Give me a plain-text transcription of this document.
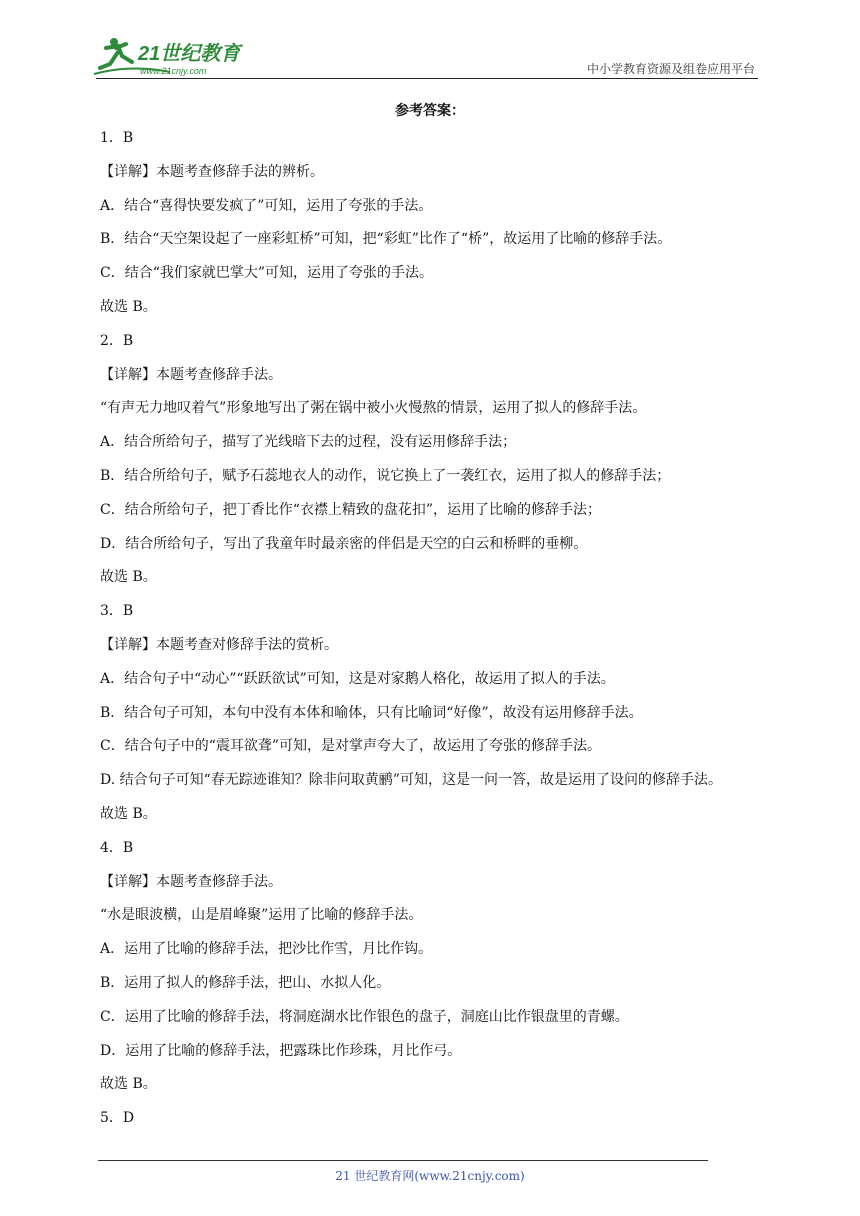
21世纪教育
www.21cnjy.com	中小学教育资源及组卷应用平台
参考答案：
1．B
【详解】本题考查修辞手法的辨析。
A．结合“喜得快要发疯了”可知，运用了夸张的手法。
B．结合“天空架设起了一座彩虹桥”可知，把“彩虹”比作了“桥”，故运用了比喻的修辞手法。
C．结合“我们家就巴掌大”可知，运用了夸张的手法。
故选 B。
2．B
【详解】本题考查修辞手法。
“有声无力地叹着气”形象地写出了粥在锅中被小火慢熬的情景，运用了拟人的修辞手法。
A．结合所给句子，描写了光线暗下去的过程，没有运用修辞手法；
B．结合所给句子，赋予石蕊地衣人的动作，说它换上了一袭红衣，运用了拟人的修辞手法；
C．结合所给句子，把丁香比作“衣襟上精致的盘花扣”，运用了比喻的修辞手法；
D．结合所给句子，写出了我童年时最亲密的伴侣是天空的白云和桥畔的垂柳。
故选 B。
3．B
【详解】本题考查对修辞手法的赏析。
A．结合句子中“动心”“跃跃欲试”可知，这是对家鹅人格化，故运用了拟人的手法。
B．结合句子可知，本句中没有本体和喻体，只有比喻词“好像”，故没有运用修辞手法。
C．结合句子中的“震耳欲聋”可知，是对掌声夸大了，故运用了夸张的修辞手法。
D. 结合句子可知“春无踪迹谁知？除非问取黄鹂”可知，这是一问一答，故是运用了设问的修辞手法。
故选 B。
4．B
【详解】本题考查修辞手法。
“水是眼波横，山是眉峰聚”运用了比喻的修辞手法。
A．运用了比喻的修辞手法，把沙比作雪，月比作钩。
B．运用了拟人的修辞手法，把山、水拟人化。
C．运用了比喻的修辞手法，将洞庭湖水比作银色的盘子，洞庭山比作银盘里的青螺。
D．运用了比喻的修辞手法，把露珠比作珍珠，月比作弓。
故选 B。
5．D
21 世纪教育网(www.21cnjy.com)
